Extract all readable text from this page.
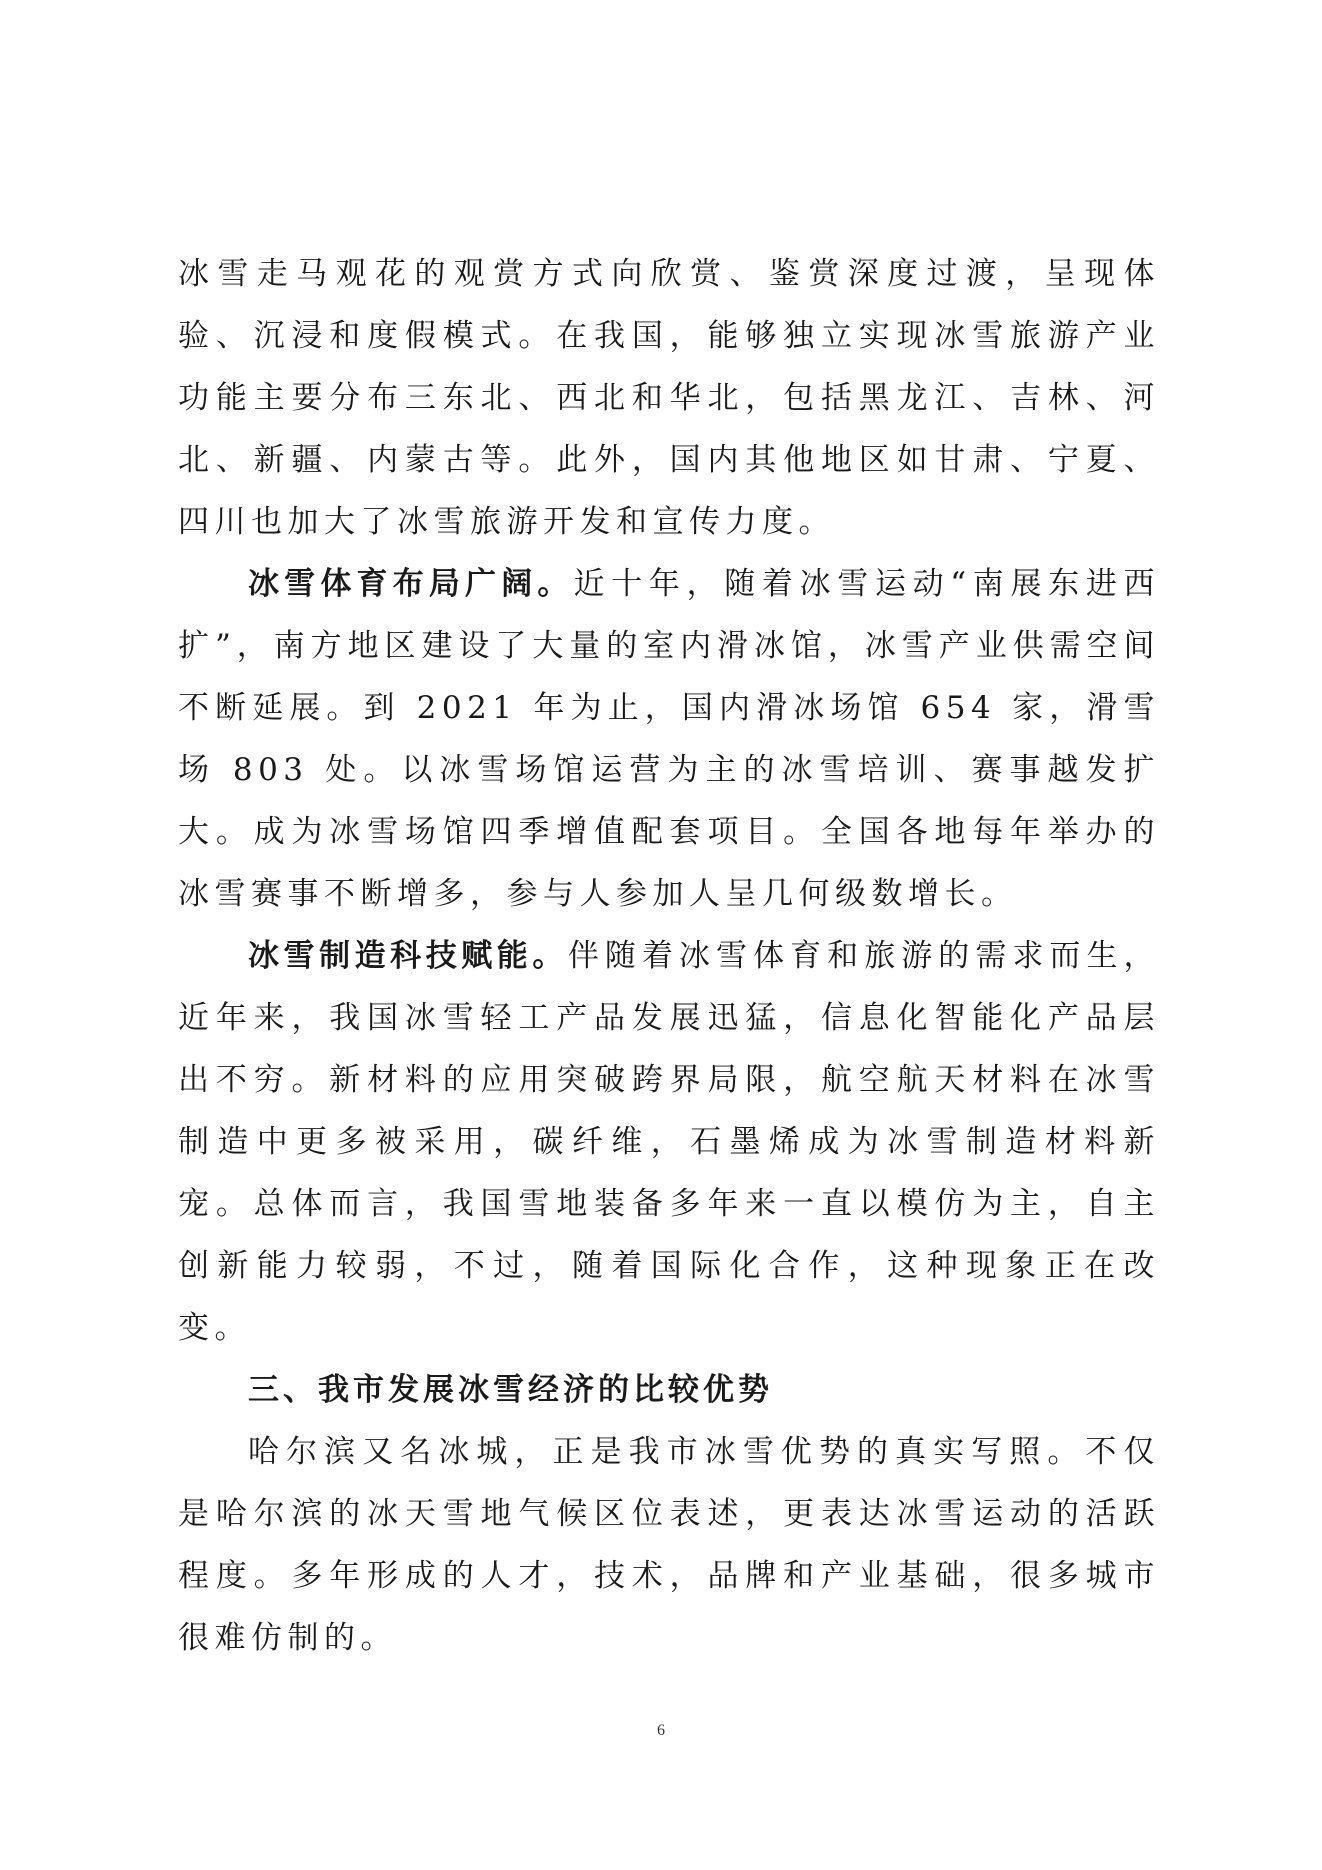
冰雪走马观花的观赏方式向欣赏、鉴赏深度过渡，呈现体验、沉浸和度假模式。在我国，能够独立实现冰雪旅游产业功能主要分布三东北、西北和华北，包括黑龙江、吉林、河北、新疆、内蒙古等。此外，国内其他地区如甘肃、宁夏、四川也加大了冰雪旅游开发和宣传力度。

冰雪体育布局广阔。近十年，随着冰雪运动“南展东进西扩”，南方地区建设了大量的室内滑冰馆，冰雪产业供需空间不断延展。到 2021 年为止，国内滑冰场馆 654 家，滑雪场 803 处。以冰雪场馆运营为主的冰雪培训、赛事越发扩大。成为冰雪场馆四季增值配套项目。全国各地每年举办的冰雪赛事不断增多，参与人参加人呈几何级数增长。

冰雪制造科技赋能。伴随着冰雪体育和旅游的需求而生，近年来，我国冰雪轻工产品发展迅猛，信息化智能化产品层出不穷。新材料的应用突破跨界局限，航空航天材料在冰雪制造中更多被采用，碳纤维，石墨烯成为冰雪制造材料新宠。总体而言，我国雪地装备多年来一直以模仿为主，自主创新能力较弱，不过，随着国际化合作，这种现象正在改变。

三、我市发展冰雪经济的比较优势

哈尔滨又名冰城，正是我市冰雪优势的真实写照。不仅是哈尔滨的冰天雪地气候区位表述，更表达冰雪运动的活跃程度。多年形成的人才，技术，品牌和产业基础，很多城市很难仿制的。

6
